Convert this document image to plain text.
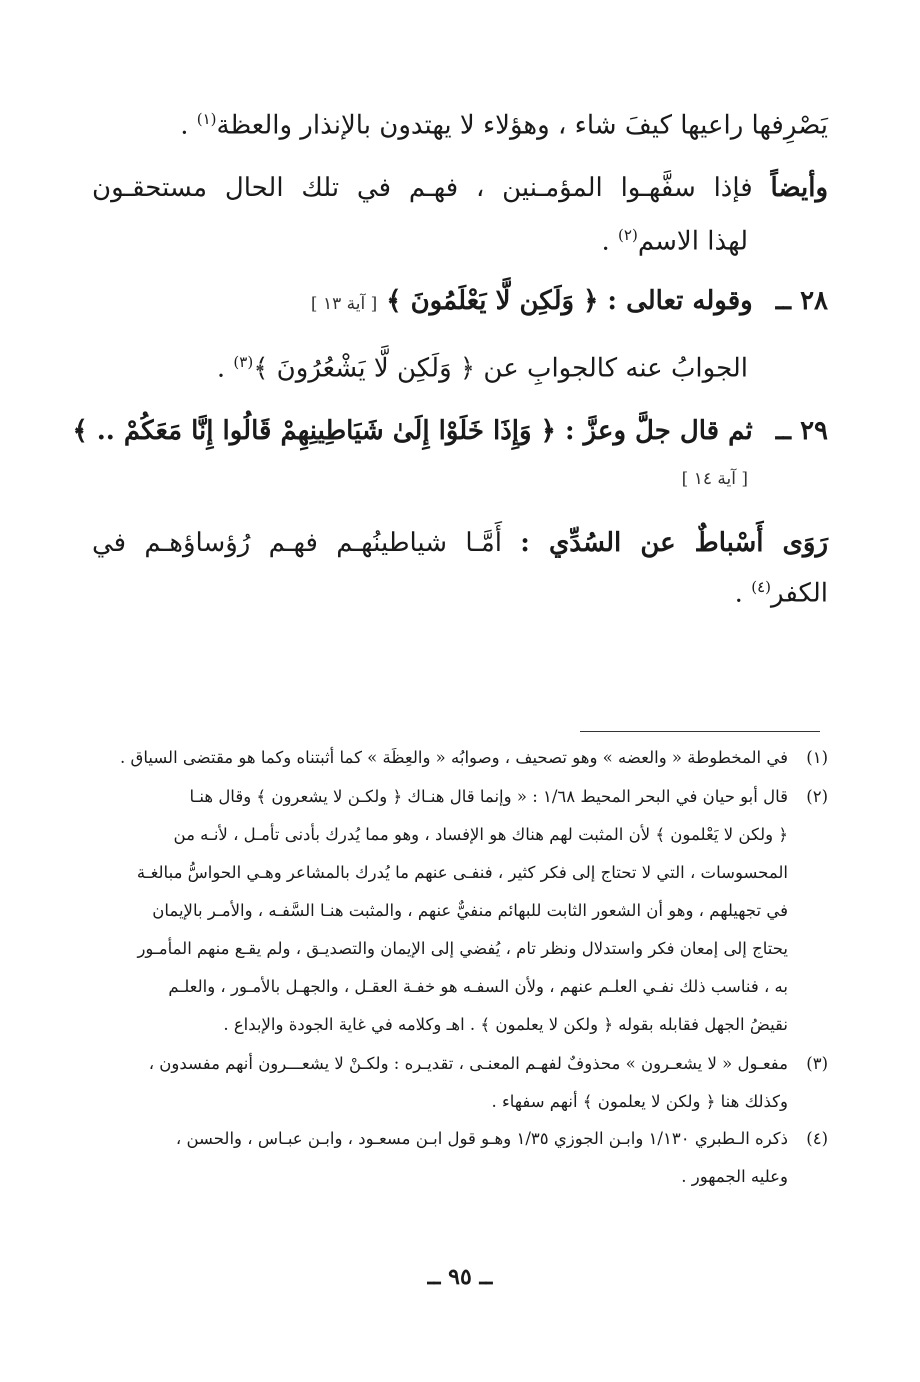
يَصْرِفها راعيها كيفَ شاء ، وهؤلاء لا يهتدون بالإنذار والعظة$^{(١)}$ .
وأيضاً فإذا سفَّهـوا المؤمـنين ، فهـم في تلك الحال مستحقـون
لهذا الاسم$^{(٢)}$ .
٢٨ ــ وقوله تعالى : ﴿ وَلَكِن لَّا يَعْلَمُونَ ﴾ [ آية ١٣ ]
الجوابُ عنه كالجوابِ عن ﴿ وَلَكِن لَّا يَشْعُرُونَ ﴾$^{(٣)}$ .
٢٩ ــ ثم قال جلَّ وعزَّ : ﴿ وَإِذَا خَلَوْا إِلَىٰ شَيَاطِينِهِمْ قَالُوا إِنَّا مَعَكُمْ .. ﴾
[ آية ١٤ ]
رَوَى أَسْباطٌ عن السُدِّي : أَمَّـا شياطينُهـم فهـم رُؤساؤهـم في
الكفر$^{(٤)}$ .
(١)
في المخطوطة « والعضه » وهو تصحيف ، وصوابُه « والعِظَة » كما أثبتناه وكما هو مقتضى السياق .
(٢)
قال أبو حيان في البحر المحيط ١/٦٨ : « وإنما قال هنـاك ﴿ ولكـن لا يشعرون ﴾ وقال هنـا
﴿ ولكن لا يَعْلمون ﴾ لأن المثبت لهم هناك هو الإفساد ، وهو مما يُدرك بأدنى تأمـل ، لأنـه من
المحسوسات ، التي لا تحتاج إلى فكر كثير ، فنفـى عنهم ما يُدرك بالمشاعر وهـي الحواسُّ مبالغـة
في تجهيلهم ، وهو أن الشعور الثابت للبهائم منفيٌّ عنهم ، والمثبت هنـا السَّفـه ، والأمـر بالإيمان
يحتاج إلى إمعان فكر واستدلال ونظر تام ، يُفضي إلى الإيمان والتصديـق ، ولم يقـع منهم المأمـور
به ، فناسب ذلك نفـي العلـم عنهم ، ولأن السفـه هو خفـة العقـل ، والجهـل بالأمـور ، والعلـم
نقيضُ الجهل فقابله بقوله ﴿ ولكن لا يعلمون ﴾ . اهـ وكلامه في غاية الجودة والإبداع .
(٣)
مفعـول « لا يشعـرون » محذوفٌ لفهـم المعنـى ، تقديـره : ولكـنْ لا يشعـــرون أنهم مفسدون ،
وكذلك هنا ﴿ ولكن لا يعلمون ﴾ أنهم سفهاء .
(٤)
ذكره الـطبري ١/١٣٠ وابـن الجوزي ١/٣٥ وهـو قول ابـن مسعـود ، وابـن عبـاس ، والحسن ،
وعليه الجمهور .
ــ ٩٥ ــ
